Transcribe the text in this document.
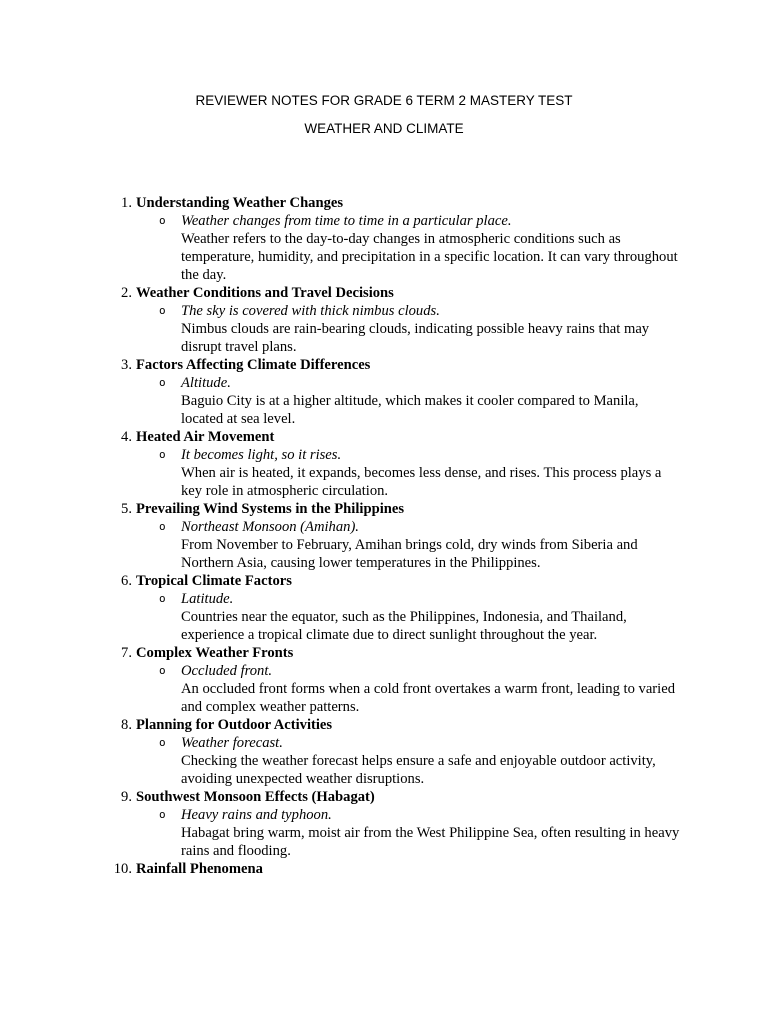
REVIEWER NOTES FOR GRADE 6 TERM 2 MASTERY TEST
WEATHER AND CLIMATE
1. Understanding Weather Changes
o Weather changes from time to time in a particular place.
Weather refers to the day-to-day changes in atmospheric conditions such as temperature, humidity, and precipitation in a specific location. It can vary throughout the day.
2. Weather Conditions and Travel Decisions
o The sky is covered with thick nimbus clouds.
Nimbus clouds are rain-bearing clouds, indicating possible heavy rains that may disrupt travel plans.
3. Factors Affecting Climate Differences
o Altitude.
Baguio City is at a higher altitude, which makes it cooler compared to Manila, located at sea level.
4. Heated Air Movement
o It becomes light, so it rises.
When air is heated, it expands, becomes less dense, and rises. This process plays a key role in atmospheric circulation.
5. Prevailing Wind Systems in the Philippines
o Northeast Monsoon (Amihan).
From November to February, Amihan brings cold, dry winds from Siberia and Northern Asia, causing lower temperatures in the Philippines.
6. Tropical Climate Factors
o Latitude.
Countries near the equator, such as the Philippines, Indonesia, and Thailand, experience a tropical climate due to direct sunlight throughout the year.
7. Complex Weather Fronts
o Occluded front.
An occluded front forms when a cold front overtakes a warm front, leading to varied and complex weather patterns.
8. Planning for Outdoor Activities
o Weather forecast.
Checking the weather forecast helps ensure a safe and enjoyable outdoor activity, avoiding unexpected weather disruptions.
9. Southwest Monsoon Effects (Habagat)
o Heavy rains and typhoon.
Habagat bring warm, moist air from the West Philippine Sea, often resulting in heavy rains and flooding.
10. Rainfall Phenomena
